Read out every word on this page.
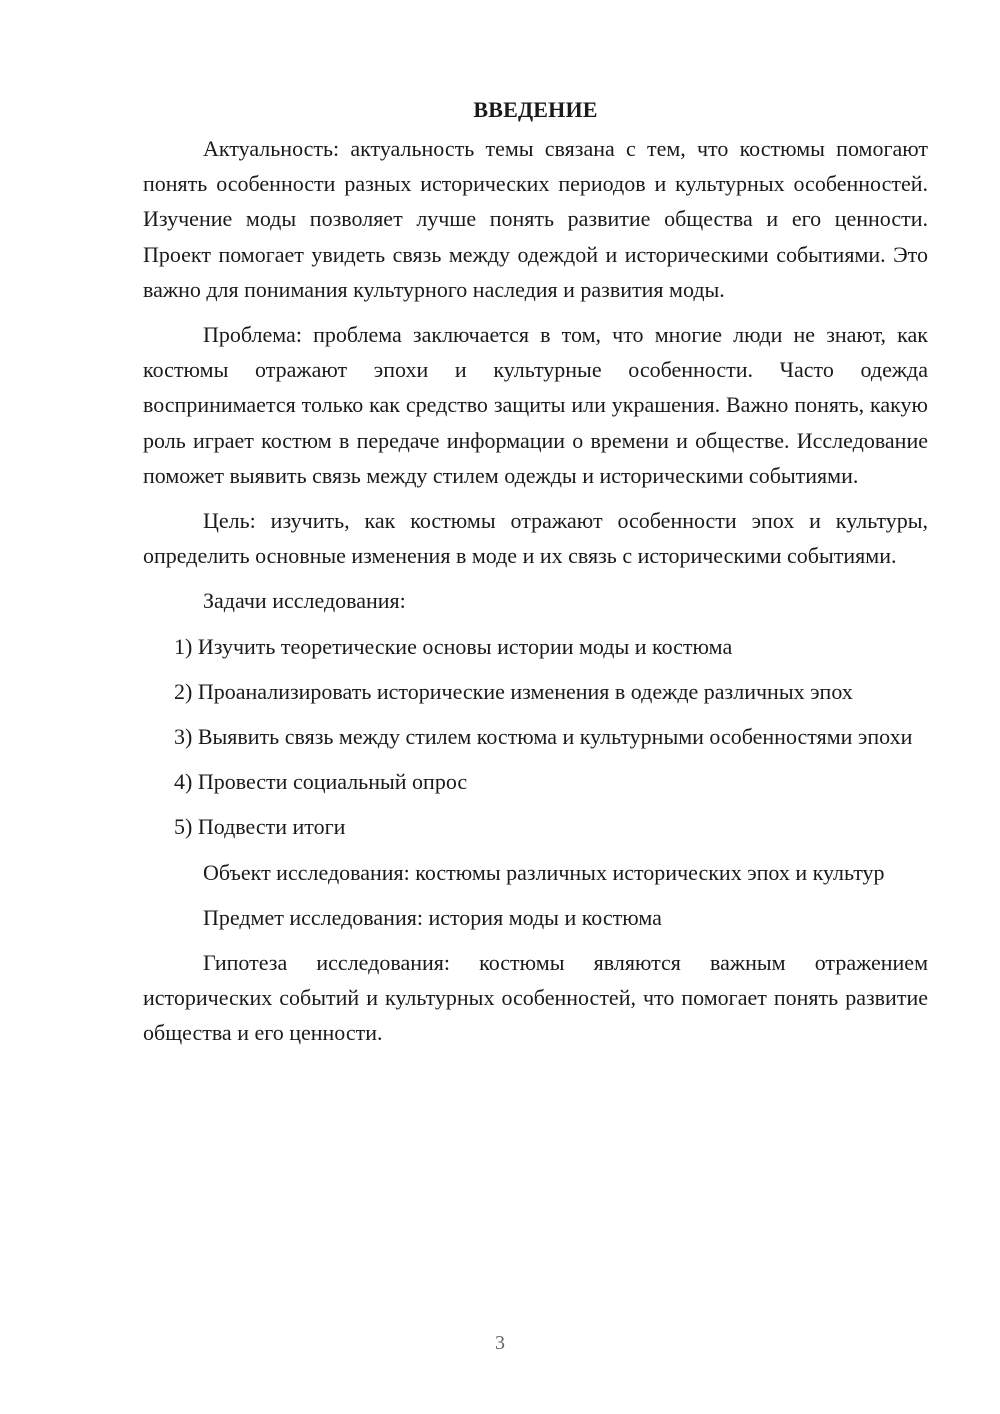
ВВЕДЕНИЕ

Актуальность: актуальность темы связана с тем, что костюмы помогают понять особенности разных исторических периодов и культурных особенностей. Изучение моды позволяет лучше понять развитие общества и его ценности. Проект помогает увидеть связь между одеждой и историческими событиями. Это важно для понимания культурного наследия и развития моды.

Проблема: проблема заключается в том, что многие люди не знают, как костюмы отражают эпохи и культурные особенности. Часто одежда воспринимается только как средство защиты или украшения. Важно понять, какую роль играет костюм в передаче информации о времени и обществе. Исследование поможет выявить связь между стилем одежды и историческими событиями.

Цель: изучить, как костюмы отражают особенности эпох и культуры, определить основные изменения в моде и их связь с историческими событиями.

Задачи исследования:

1) Изучить теоретические основы истории моды и костюма

2) Проанализировать исторические изменения в одежде различных эпох

3) Выявить связь между стилем костюма и культурными особенностями эпохи

4) Провести социальный опрос

5) Подвести итоги

Объект исследования: костюмы различных исторических эпох и культур

Предмет исследования: история моды и костюма

Гипотеза исследования: костюмы являются важным отражением исторических событий и культурных особенностей, что помогает понять развитие общества и его ценности.

3
